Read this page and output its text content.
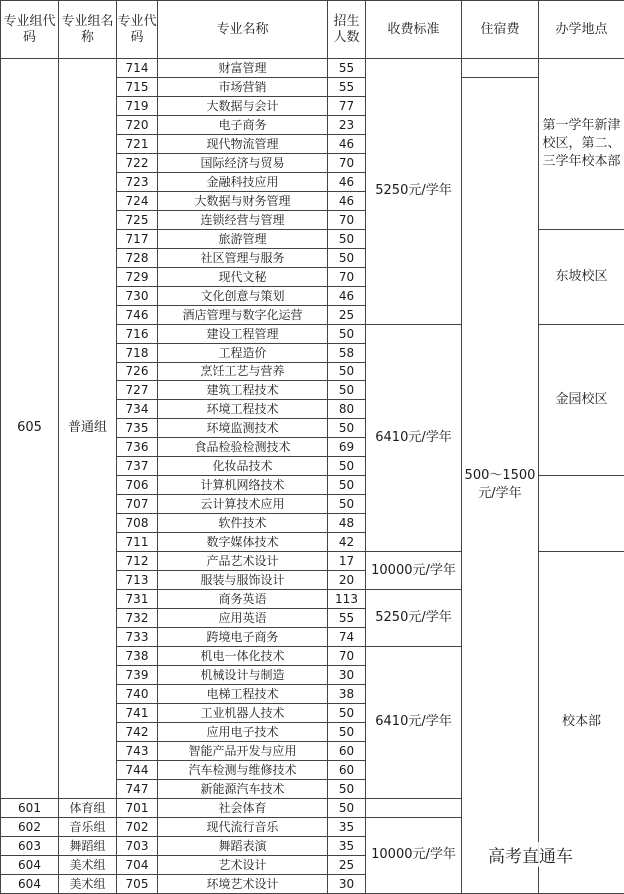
专业组代码	专业组名称	专业代码	专业名称	招生人数	收费标准	住宿费	办学地点
605	普通组	714	财富管理	55	5250元/学年		第一学年新津校区，第二、三学年校本部
		715	市场营销	55		500～1500元/学年	
		719	大数据与会计	77			
		720	电子商务	23			
		721	现代物流管理	46			
		722	国际经济与贸易	70			
		723	金融科技应用	46			
		724	大数据与财务管理	46			
		725	连锁经营与管理	70			
		717	旅游管理	50			东坡校区
		728	社区管理与服务	50			
		729	现代文秘	70			
		730	文化创意与策划	46			
		746	酒店管理与数字化运营	25			
		716	建设工程管理	50	6410元/学年		金园校区
		718	工程造价	58			
		726	烹饪工艺与营养	50			
		727	建筑工程技术	50			
		734	环境工程技术	80			
		735	环境监测技术	50			
		736	食品检验检测技术	69			
		737	化妆品技术	50			
		706	计算机网络技术	50			
		707	云计算技术应用	50			
		708	软件技术	48			
		711	数字媒体技术	42			
		712	产品艺术设计	17	10000元/学年		校本部
		713	服装与服饰设计	20			
		731	商务英语	113	5250元/学年		
		732	应用英语	55			
		733	跨境电子商务	74			
		738	机电一体化技术	70	6410元/学年		
		739	机械设计与制造	30			
		740	电梯工程技术	38			
		741	工业机器人技术	50			
		742	应用电子技术	50			
		743	智能产品开发与应用	60			
		744	汽车检测与维修技术	60			
		747	新能源汽车技术	50			
601	体育组	701	社会体育	50			
602	音乐组	702	现代流行音乐	35	10000元/学年		
603	舞蹈组	703	舞蹈表演	35			
604	美术组	704	艺术设计	25			
604	美术组	705	环境艺术设计	30			
高考直通车
